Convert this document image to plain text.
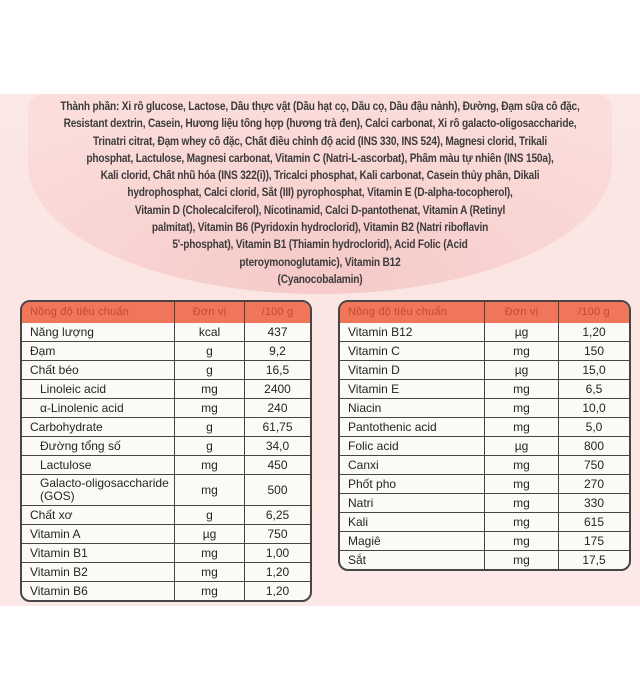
Thành phần: Xi rô glucose, Lactose, Dầu thực vật (Dầu hạt cọ, Dầu cọ, Dầu đậu nành), Đường, Đạm sữa cô đặc,
Resistant dextrin, Casein, Hương liệu tổng hợp (hương trà đen), Calci carbonat, Xi rô galacto-oligosaccharide,
Trinatri citrat, Đạm whey cô đặc, Chất điều chỉnh độ acid (INS 330, INS 524), Magnesi clorid, Trikali
phosphat, Lactulose, Magnesi carbonat, Vitamin C (Natri-L-ascorbat), Phẩm màu tự nhiên (INS 150a),
Kali clorid, Chất nhũ hóa (INS 322(i)), Tricalci phosphat, Kali carbonat, Casein thủy phân, Dikali
hydrophosphat, Calci clorid, Sắt (III) pyrophosphat, Vitamin E (D-alpha-tocopherol),
Vitamin D (Cholecalciferol), Nicotinamid, Calci D-pantothenat, Vitamin A (Retinyl
palmitat), Vitamin B6 (Pyridoxin hydroclorid), Vitamin B2 (Natri riboflavin
5'-phosphat), Vitamin B1 (Thiamin hydroclorid), Acid Folic (Acid
pteroymonoglutamic), Vitamin B12
(Cyanocobalamin)
Nồng độ tiêu chuẩn	Đơn vị	/100 g
Năng lượng	kcal	437
Đạm	g	9,2
Chất béo	g	16,5
Linoleic acid	mg	2400
α-Linolenic acid	mg	240
Carbohydrate	g	61,75
Đường tổng số	g	34,0
Lactulose	mg	450
Galacto-oligosaccharide (GOS)	mg	500
Chất xơ	g	6,25
Vitamin A	µg	750
Vitamin B1	mg	1,00
Vitamin B2	mg	1,20
Vitamin B6	mg	1,20
Nồng độ tiêu chuẩn	Đơn vị	/100 g
Vitamin B12	µg	1,20
Vitamin C	mg	150
Vitamin D	µg	15,0
Vitamin E	mg	6,5
Niacin	mg	10,0
Pantothenic acid	mg	5,0
Folic acid	µg	800
Canxi	mg	750
Phốt pho	mg	270
Natri	mg	330
Kali	mg	615
Magiê	mg	175
Sắt	mg	17,5
